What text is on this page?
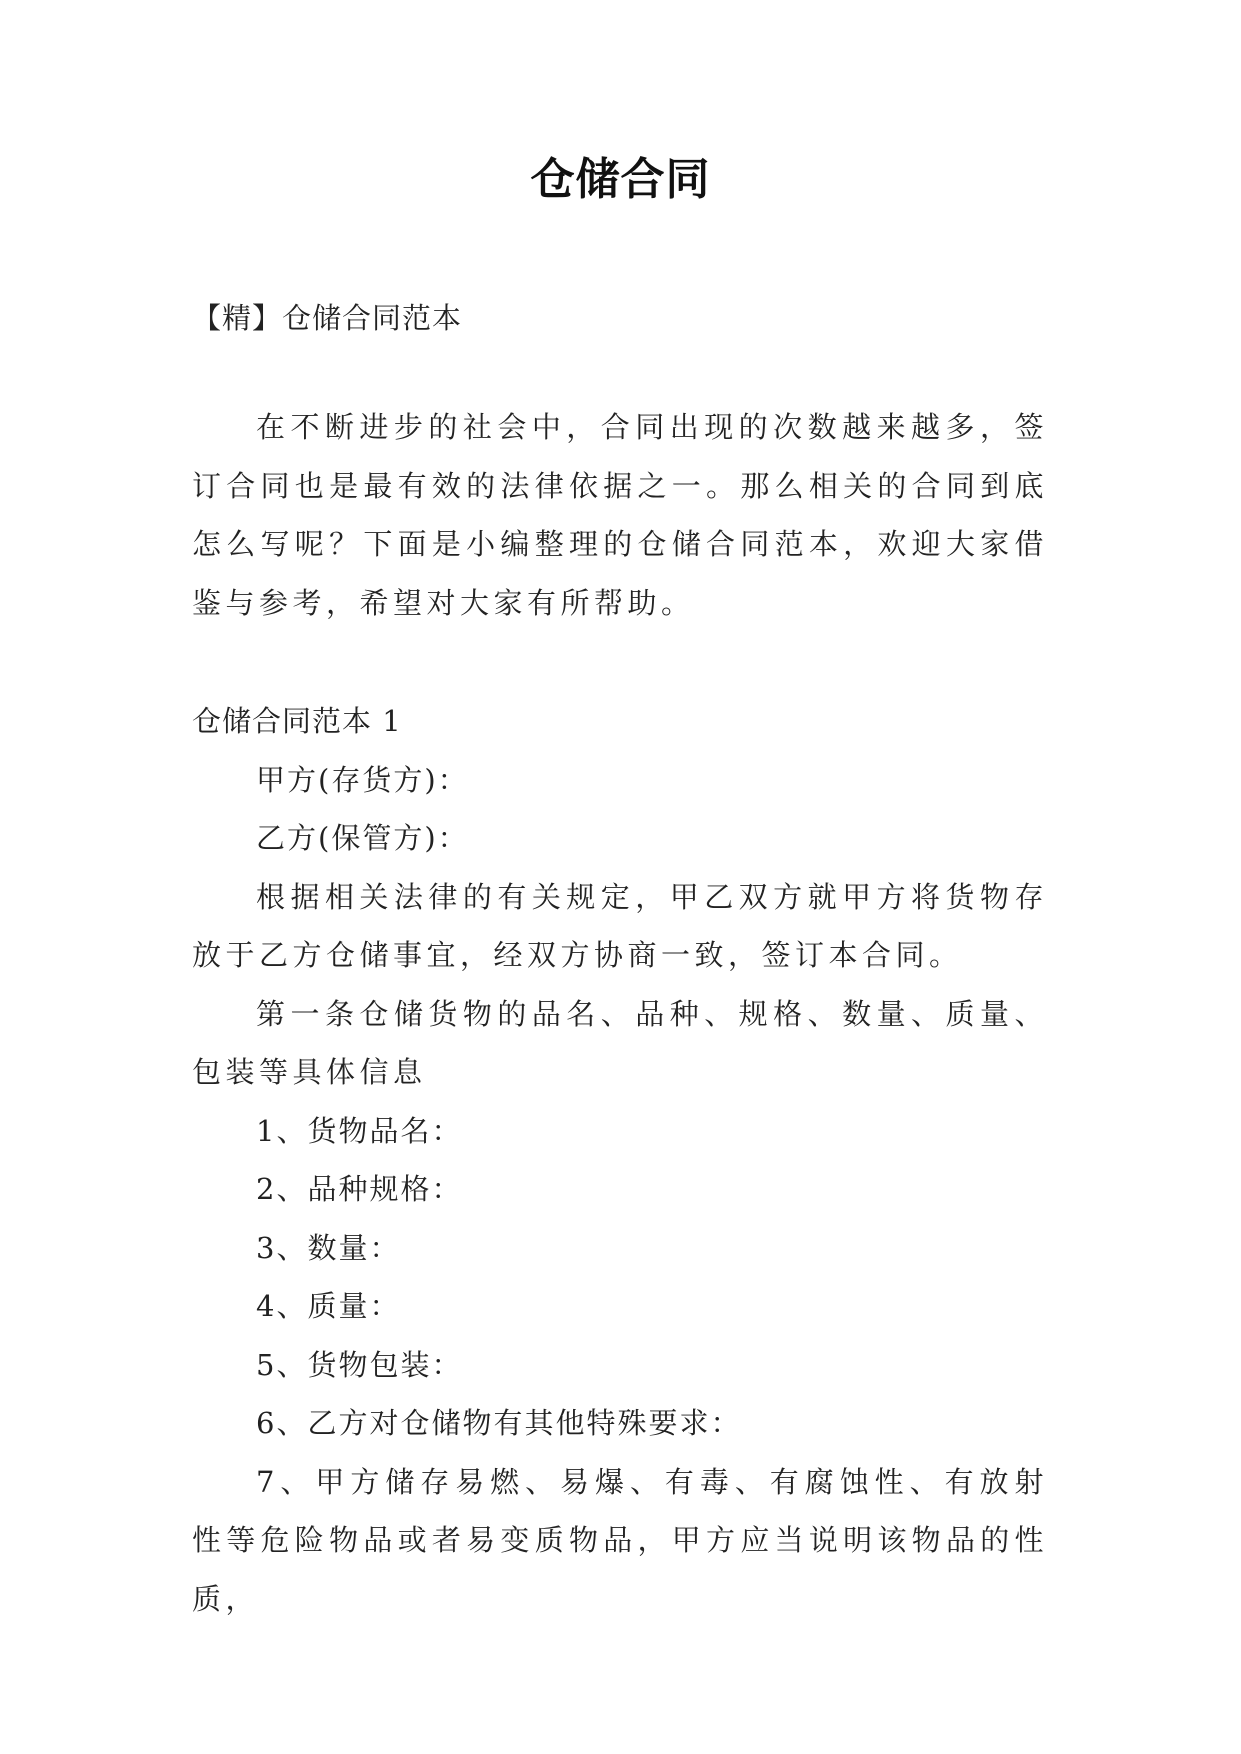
仓储合同
【精】仓储合同范本

在不断进步的社会中，合同出现的次数越来越多，签订合同也是最有效的法律依据之一。那么相关的合同到底怎么写呢？下面是小编整理的仓储合同范本，欢迎大家借鉴与参考，希望对大家有所帮助。

仓储合同范本 1

甲方(存货方)：

乙方(保管方)：

根据相关法律的有关规定，甲乙双方就甲方将货物存放于乙方仓储事宜，经双方协商一致，签订本合同。

第一条仓储货物的品名、品种、规格、数量、质量、包装等具体信息

1、货物品名：

2、品种规格：

3、数量：

4、质量：

5、货物包装：

6、乙方对仓储物有其他特殊要求：

7、甲方储存易燃、易爆、有毒、有腐蚀性、有放射性等危险物品或者易变质物品，甲方应当说明该物品的性质，
